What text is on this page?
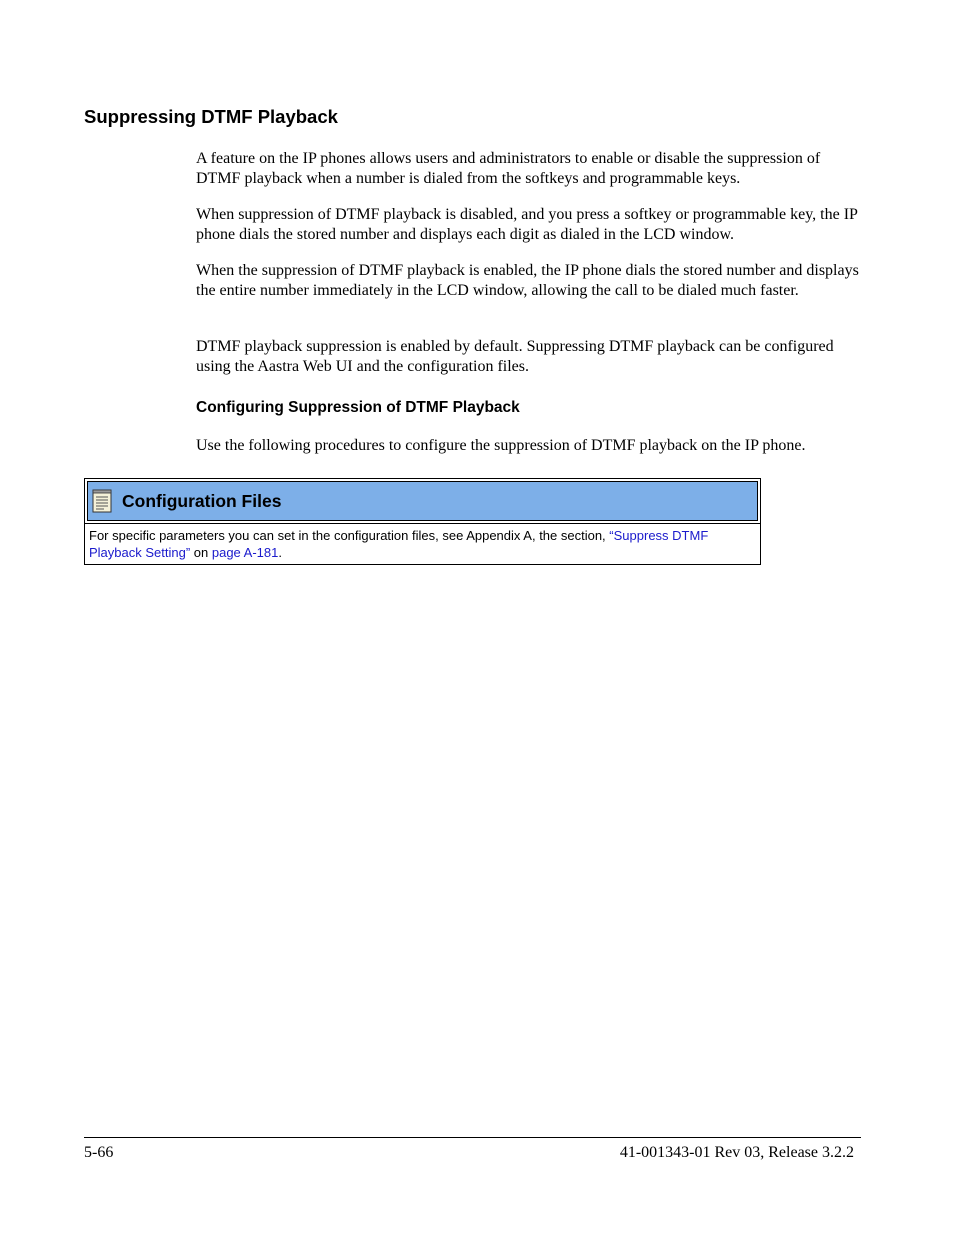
Suppressing DTMF Playback

A feature on the IP phones allows users and administrators to enable or disable the suppression of DTMF playback when a number is dialed from the softkeys and programmable keys.

When suppression of DTMF playback is disabled, and you press a softkey or programmable key, the IP phone dials the stored number and displays each digit as dialed in the LCD window.

When the suppression of DTMF playback is enabled, the IP phone dials the stored number and displays the entire number immediately in the LCD window, allowing the call to be dialed much faster.

DTMF playback suppression is enabled by default. Suppressing DTMF playback can be configured using the Aastra Web UI and the configuration files.

Configuring Suppression of DTMF Playback

Use the following procedures to configure the suppression of DTMF playback on the IP phone.

Configuration Files
For specific parameters you can set in the configuration files, see Appendix A, the section, “Suppress DTMF Playback Setting” on page A-181.
5-66	41-001343-01 Rev 03, Release 3.2.2
